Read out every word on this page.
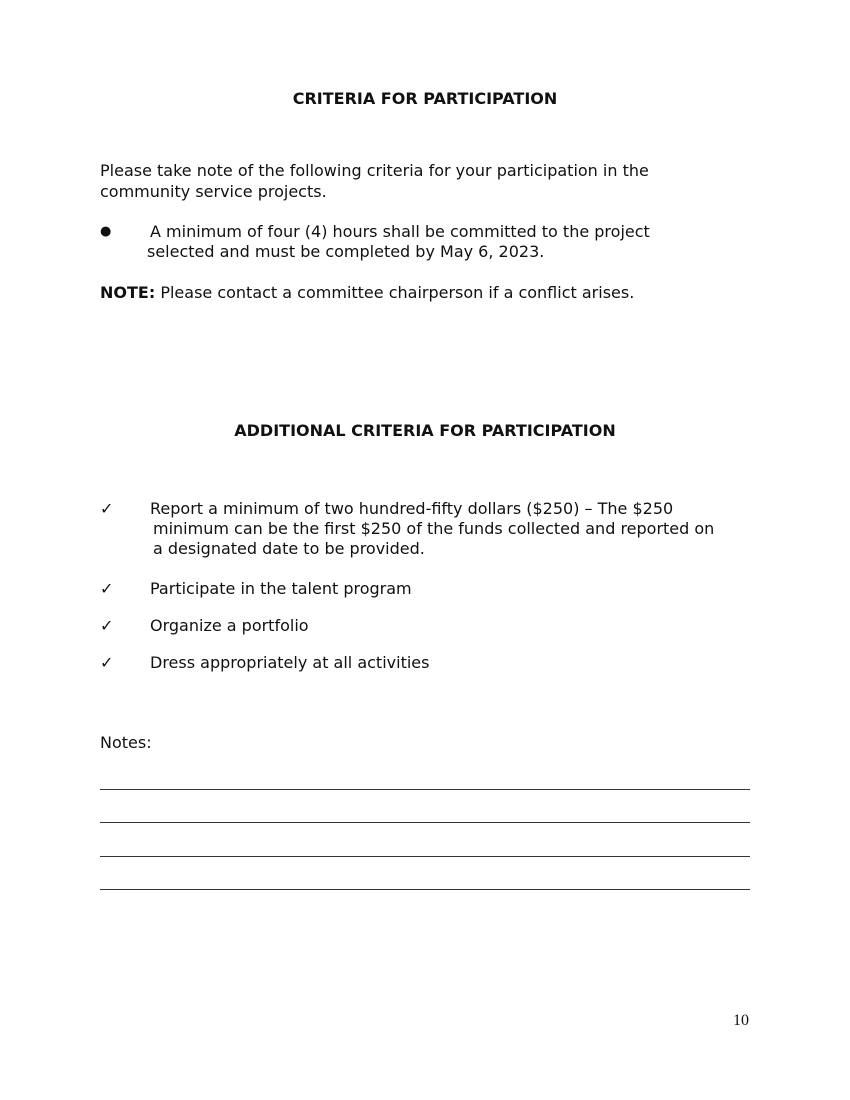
CRITERIA FOR PARTICIPATION
Please take note of the following criteria for your participation in the
community service projects.
● A minimum of four (4) hours shall be committed to the project
selected and must be completed by May 6, 2023.
NOTE: Please contact a committee chairperson if a conflict arises.
ADDITIONAL CRITERIA FOR PARTICIPATION
✓ Report a minimum of two hundred-fifty dollars ($250) – The $250
minimum can be the first $250 of the funds collected and reported on
a designated date to be provided.
✓ Participate in the talent program
✓ Organize a portfolio
✓ Dress appropriately at all activities
Notes:
10
